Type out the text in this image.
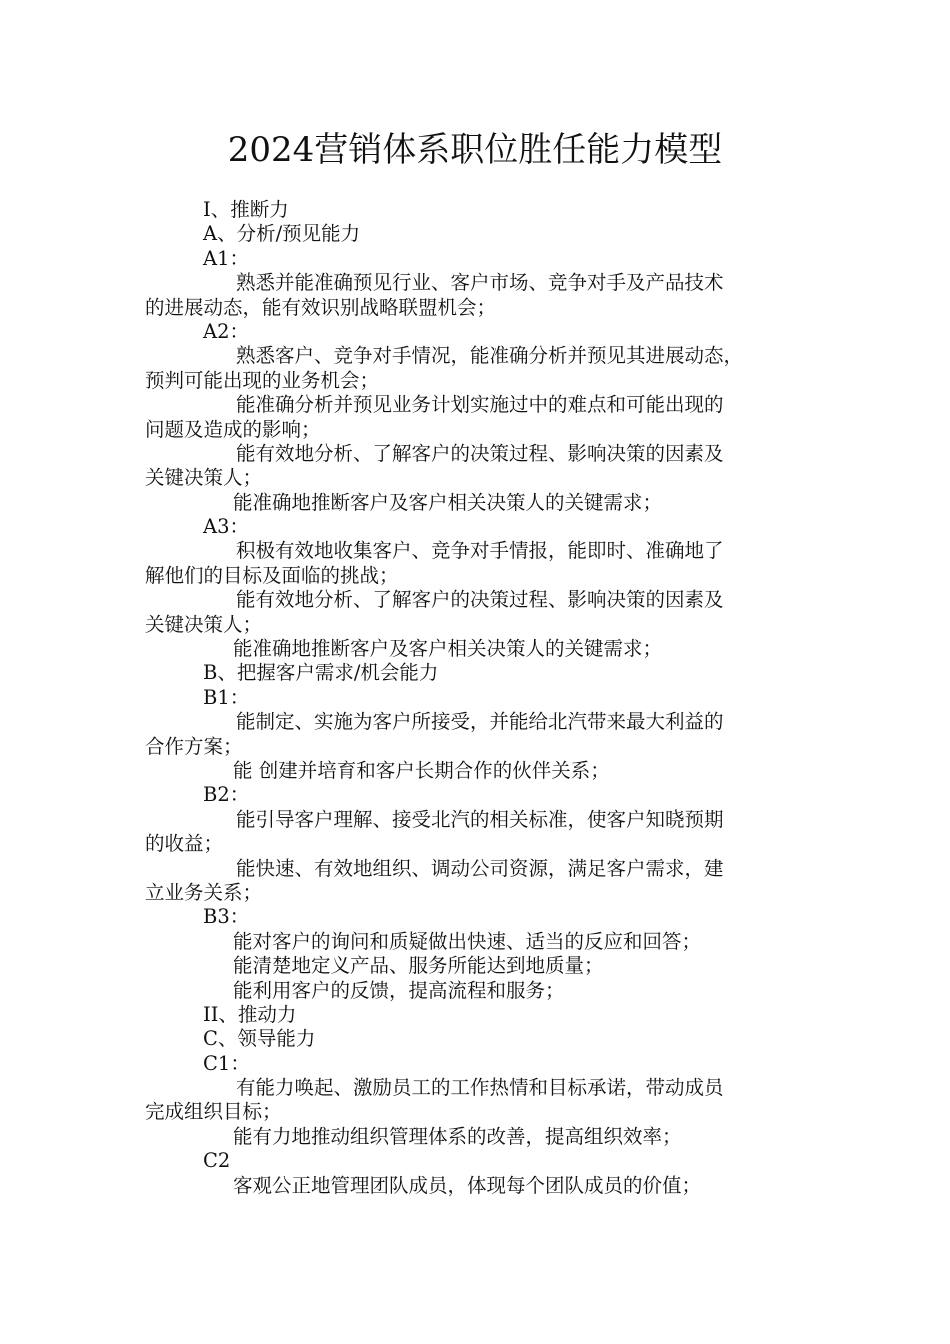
2024营销体系职位胜任能力模型
I、推断力
A、分析/预见能力
A1：
熟悉并能准确预见行业、客户市场、竞争对手及产品技术
的进展动态，能有效识别战略联盟机会；
A2：
熟悉客户、竞争对手情况，能准确分析并预见其进展动态，
预判可能出现的业务机会；
能准确分析并预见业务计划实施过中的难点和可能出现的
问题及造成的影响；
能有效地分析、了解客户的决策过程、影响决策的因素及
关键决策人；
能准确地推断客户及客户相关决策人的关键需求；
A3：
积极有效地收集客户、竞争对手情报，能即时、准确地了
解他们的目标及面临的挑战；
能有效地分析、了解客户的决策过程、影响决策的因素及
关键决策人；
能准确地推断客户及客户相关决策人的关键需求；
B、把握客户需求/机会能力
B1：
能制定、实施为客户所接受，并能给北汽带来最大利益的
合作方案；
能 创建并培育和客户长期合作的伙伴关系；
B2：
能引导客户理解、接受北汽的相关标准，使客户知晓预期
的收益；
能快速、有效地组织、调动公司资源，满足客户需求，建
立业务关系；
B3：
能对客户的询问和质疑做出快速、适当的反应和回答；
能清楚地定义产品、服务所能达到地质量；
能利用客户的反馈，提高流程和服务；
II、推动力
C、领导能力
C1：
有能力唤起、激励员工的工作热情和目标承诺，带动成员
完成组织目标；
能有力地推动组织管理体系的改善，提高组织效率；
C2
客观公正地管理团队成员，体现每个团队成员的价值；
